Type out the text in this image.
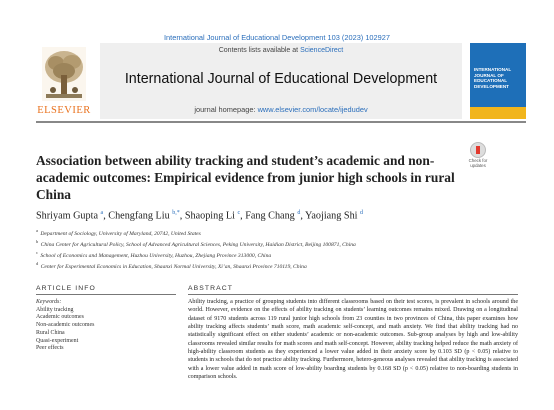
International Journal of Educational Development 103 (2023) 102927
ELSEVIER
Contents lists available at ScienceDirect
International Journal of Educational Development
journal homepage: www.elsevier.com/locate/ijedudev
INTERNATIONAL JOURNAL OF EDUCATIONAL DEVELOPMENT
Check for updates
Association between ability tracking and student’s academic and non-academic outcomes: Empirical evidence from junior high schools in rural China
Shriyam Gupta $^a$, Chengfang Liu $^{b,*}$, Shaoping Li $^c$, Fang Chang $^d$, Yaojiang Shi $^d$
$^a$ Department of Sociology, University of Maryland, 20742, United States
$^b$ China Center for Agricultural Policy, School of Advanced Agricultural Sciences, Peking University, Haidian District, Beijing 100871, China
$^c$ School of Economics and Management, Huzhou University, Huzhou, Zhejiang Province 313000, China
$^d$ Center for Experimental Economics in Education, Shaanxi Normal University, Xi’an, Shaanxi Province 710119, China
ARTICLE INFO	ABSTRACT
Keywords:
Ability tracking
Academic outcomes
Non-academic outcomes
Rural China
Quasi-experiment
Peer effects

Ability tracking, a practice of grouping students into different classrooms based on their test scores, is prevalent in schools around the world. However, evidence on the effects of ability tracking on students’ learning outcomes remains mixed. Drawing on a longitudinal dataset of 9170 students across 119 rural junior high schools from 23 counties in two provinces of China, this paper examines how ability tracking affects students’ math score, math academic self-concept, and math anxiety. We find that ability tracking had no statistically significant effect on either students’ academic or non-academic outcomes. Sub-group analyses by high and low-ability classrooms revealed similar results for math scores and math self-concept. However, ability tracking helped reduce the math anxiety of high-ability classroom students as they experienced a lower value added in their anxiety score by 0.103 SD (p < 0.05) relative to students in schools that do not practice ability tracking. Furthermore, hetero-geneous analyses revealed that ability tracking is associated with a lower value added in math score of low-ability boarding students by 0.168 SD (p < 0.05) relative to non-boarding students in comparison schools.
